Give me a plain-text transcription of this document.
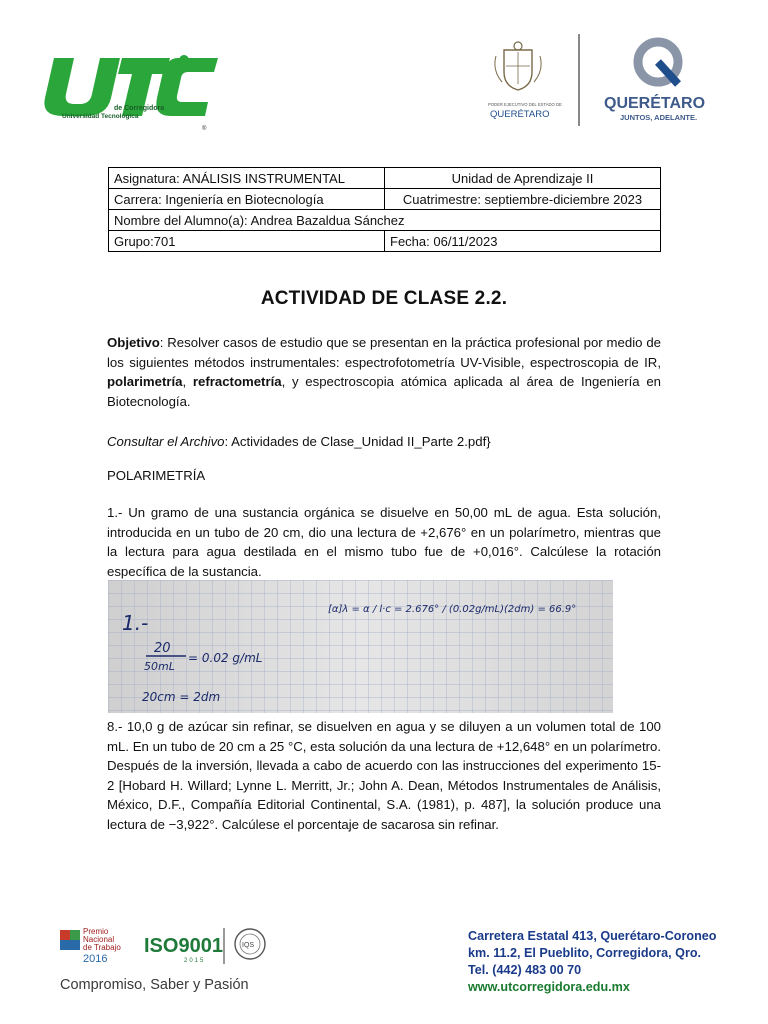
de Corregidora
Universidad Tecnológica
®
PODER EJECUTIVO DEL ESTADO DE
QUERÉTARO
QUERÉTARO
JUNTOS, ADELANTE.
Asignatura: ANÁLISIS INSTRUMENTAL	Unidad de Aprendizaje II
Carrera: Ingeniería en Biotecnología	Cuatrimestre: septiembre-diciembre 2023
Nombre del Alumno(a): Andrea Bazaldua Sánchez	
Grupo:701	Fecha: 06/11/2023
ACTIVIDAD DE CLASE 2.2.
Objetivo: Resolver casos de estudio que se presentan en la práctica profesional por medio de los siguientes métodos instrumentales: espectrofotometría UV-Visible, espectroscopia de IR, polarimetría, refractometría, y espectroscopia atómica aplicada al área de Ingeniería en Biotecnología.
Consultar el Archivo: Actividades de Clase_Unidad II_Parte 2.pdf}
POLARIMETRÍA
1.- Un gramo de una sustancia orgánica se disuelve en 50,00 mL de agua. Esta solución, introducida en un tubo de 20 cm, dio una lectura de +2,676° en un polarímetro, mientras que la lectura para agua destilada en el mismo tubo fue de +0,016°. Calcúlese la rotación específica de la sustancia.
1.-
20
50mL
= 0.02 g/mL
20cm = 2dm
[α]λ = α / l·c = 2.676° / (0.02g/mL)(2dm) = 66.9°
8.- 10,0 g de azúcar sin refinar, se disuelven en agua y se diluyen a un volumen total de 100 mL. En un tubo de 20 cm a 25 °C, esta solución da una lectura de +12,648° en un polarímetro. Después de la inversión, llevada a cabo de acuerdo con las instrucciones del experimento 15-2 [Hobard H. Willard; Lynne L. Merritt, Jr.; John A. Dean, Métodos Instrumentales de Análisis, México, D.F., Compañía Editorial Continental, S.A. (1981), p. 487], la solución produce una lectura de −3,922°. Calcúlese el porcentaje de sacarosa sin refinar.
Premio
Nacional
de Trabajo
2016
ISO9001
2015
IQS
Compromiso, Saber y Pasión
Carretera Estatal 413, Querétaro-Coroneo
km. 11.2, El Pueblito, Corregidora, Qro.
Tel. (442) 483 00 70
www.utcorregidora.edu.mx
